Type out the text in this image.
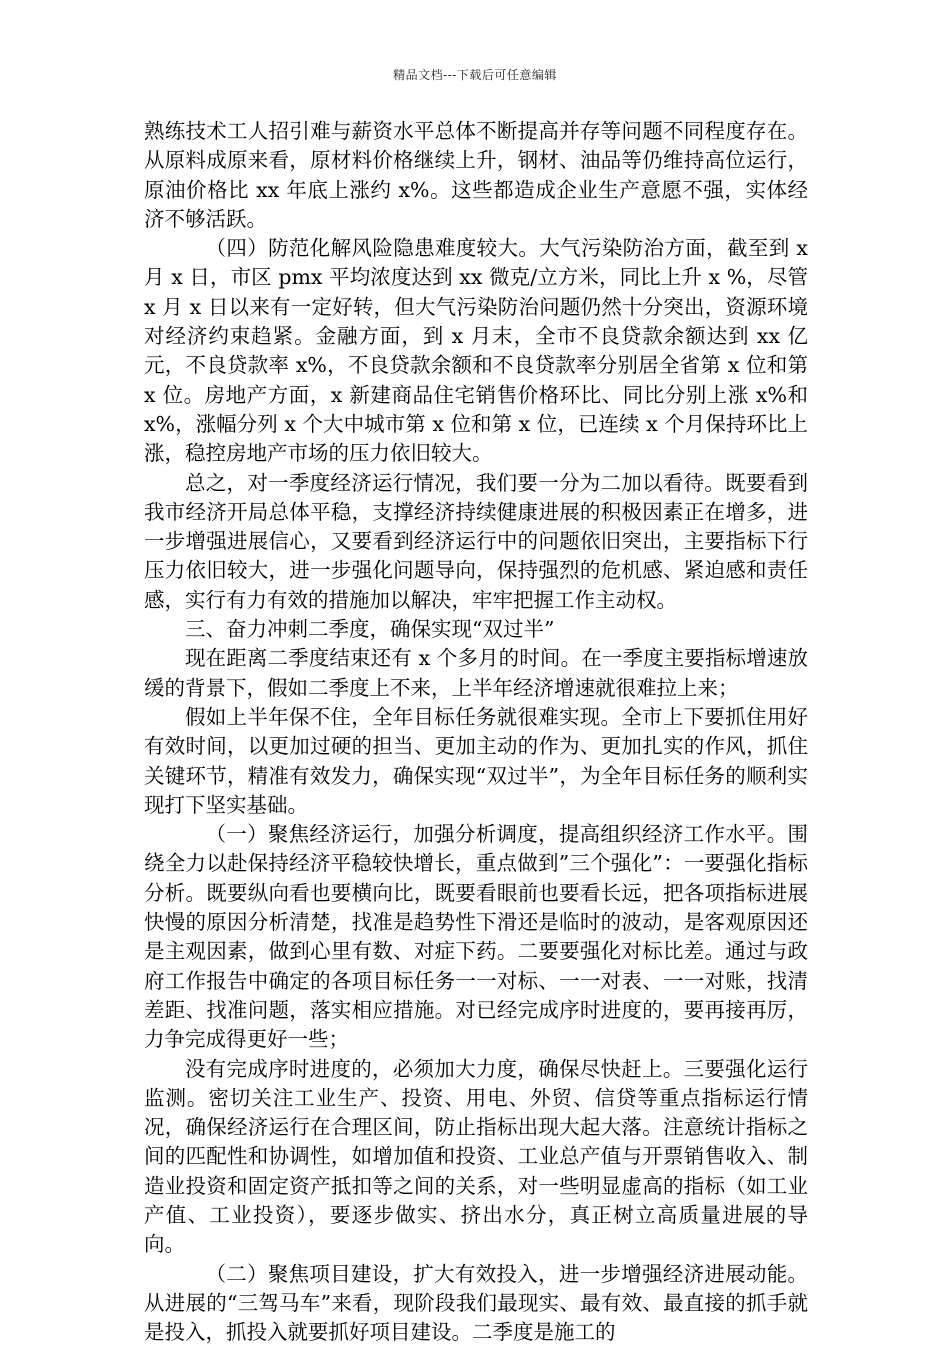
精品文档---下载后可任意编辑

熟练技术工人招引难与薪资水平总体不断提高并存等问题不同程度存在。从原料成原来看，原材料价格继续上升，钢材、油品等仍维持高位运行，原油价格比 xx 年底上涨约 x%。这些都造成企业生产意愿不强，实体经济不够活跃。

（四）防范化解风险隐患难度较大。大气污染防治方面，截至到 x 月 x 日，市区 pmx 平均浓度达到 xx 微克/立方米，同比上升 x %，尽管 x 月 x 日以来有一定好转，但大气污染防治问题仍然十分突出，资源环境对经济约束趋紧。金融方面，到 x 月末，全市不良贷款余额达到 xx 亿元，不良贷款率 x%，不良贷款余额和不良贷款率分别居全省第 x 位和第 x 位。房地产方面，x 新建商品住宅销售价格环比、同比分别上涨 x%和 x%，涨幅分列 x 个大中城市第 x 位和第 x 位，已连续 x 个月保持环比上涨，稳控房地产市场的压力依旧较大。

总之，对一季度经济运行情况，我们要一分为二加以看待。既要看到我市经济开局总体平稳，支撑经济持续健康进展的积极因素正在增多，进一步增强进展信心，又要看到经济运行中的问题依旧突出，主要指标下行压力依旧较大，进一步强化问题导向，保持强烈的危机感、紧迫感和责任感，实行有力有效的措施加以解决，牢牢把握工作主动权。

三、奋力冲刺二季度，确保实现“双过半”

现在距离二季度结束还有 x 个多月的时间。在一季度主要指标增速放缓的背景下，假如二季度上不来，上半年经济增速就很难拉上来；

假如上半年保不住，全年目标任务就很难实现。全市上下要抓住用好有效时间，以更加过硬的担当、更加主动的作为、更加扎实的作风，抓住关键环节，精准有效发力，确保实现“双过半”，为全年目标任务的顺利实现打下坚实基础。

（一）聚焦经济运行，加强分析调度，提高组织经济工作水平。围绕全力以赴保持经济平稳较快增长，重点做到”三个强化”：一要强化指标分析。既要纵向看也要横向比，既要看眼前也要看长远，把各项指标进展快慢的原因分析清楚，找准是趋势性下滑还是临时的波动，是客观原因还是主观因素，做到心里有数、对症下药。二要要强化对标比差。通过与政府工作报告中确定的各项目标任务一一对标、一一对表、一一对账，找清差距、找准问题，落实相应措施。对已经完成序时进度的，要再接再厉，力争完成得更好一些；

没有完成序时进度的，必须加大力度，确保尽快赶上。三要强化运行监测。密切关注工业生产、投资、用电、外贸、信贷等重点指标运行情况，确保经济运行在合理区间，防止指标出现大起大落。注意统计指标之间的匹配性和协调性，如增加值和投资、工业总产值与开票销售收入、制造业投资和固定资产抵扣等之间的关系，对一些明显虚高的指标（如工业产值、工业投资），要逐步做实、挤出水分，真正树立高质量进展的导向。

（二）聚焦项目建设，扩大有效投入，进一步增强经济进展动能。从进展的“三驾马车”来看，现阶段我们最现实、最有效、最直接的抓手就是投入，抓投入就要抓好项目建设。二季度是施工的
